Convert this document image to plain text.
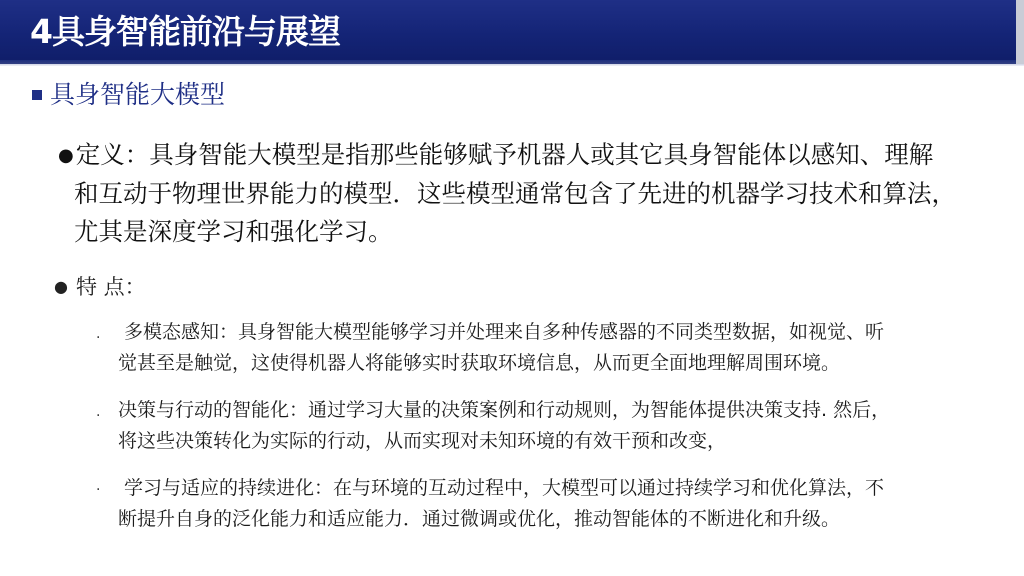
4具身智能前沿与展望
具身智能大模型
●定义：具身智能大模型是指那些能够赋予机器人或其它具身智能体以感知、理解
和互动于物理世界能力的模型．这些模型通常包含了先进的机器学习技术和算法，
尤其是深度学习和强化学习。
● 特 点：
. 多模态感知：具身智能大模型能够学习并处理来自多种传感器的不同类型数据，如视觉、听
觉甚至是触觉，这使得机器人将能够实时获取环境信息，从而更全面地理解周围环境。
. 决策与行动的智能化：通过学习大量的决策案例和行动规则，为智能体提供决策支持. 然后，
将这些决策转化为实际的行动，从而实现对未知环境的有效干预和改变，
· 学习与适应的持续进化：在与环境的互动过程中，大模型可以通过持续学习和优化算法，不
断提升自身的泛化能力和适应能力．通过微调或优化，推动智能体的不断进化和升级。
